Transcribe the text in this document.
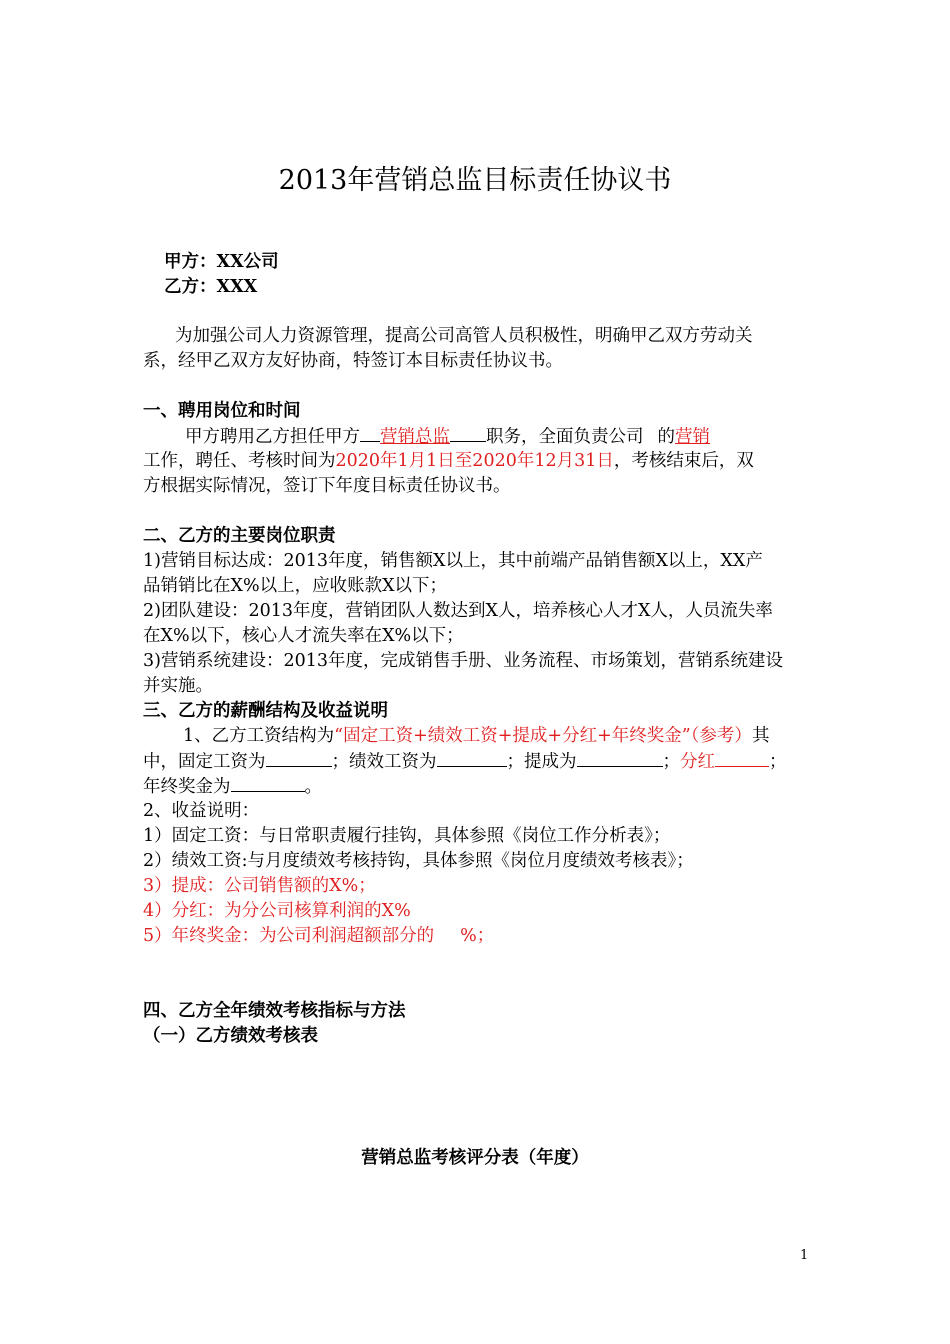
2013年营销总监目标责任协议书
甲方：XX公司
乙方：XXX
为加强公司人力资源管理，提高公司高管人员积极性，明确甲乙双方劳动关
系，经甲乙双方友好协商，特签订本目标责任协议书。
一、聘用岗位和时间
甲方聘用乙方担任甲方 营销总监 职务，全面负责公司 的营销
工作，聘任、考核时间为2020年1月1日至2020年12月31日，考核结束后，双
方根据实际情况，签订下年度目标责任协议书。
二、乙方的主要岗位职责
1)营销目标达成：2013年度，销售额X以上，其中前端产品销售额X以上，XX产
品销销比在X%以上，应收账款X以下；
2)团队建设：2013年度，营销团队人数达到X人，培养核心人才X人，人员流失率
在X%以下，核心人才流失率在X%以下；
3)营销系统建设：2013年度，完成销售手册、业务流程、市场策划，营销系统建设
并实施。
三、乙方的薪酬结构及收益说明
1、乙方工资结构为“固定工资+绩效工资+提成+分红+年终奖金”（参考）其
中，固定工资为	；绩效工资为	；提成为	；分红	；
年终奖金为	。
2、收益说明：
1）固定工资：与日常职责履行挂钩，具体参照《岗位工作分析表》；
2）绩效工资:与月度绩效考核持钩，具体参照《岗位月度绩效考核表》；
3）提成：公司销售额的X%；
4）分红：为分公司核算利润的X%
5）年终奖金：为公司利润超额部分的 %；
四、乙方全年绩效考核指标与方法
（一）乙方绩效考核表
营销总监考核评分表（年度）
1
